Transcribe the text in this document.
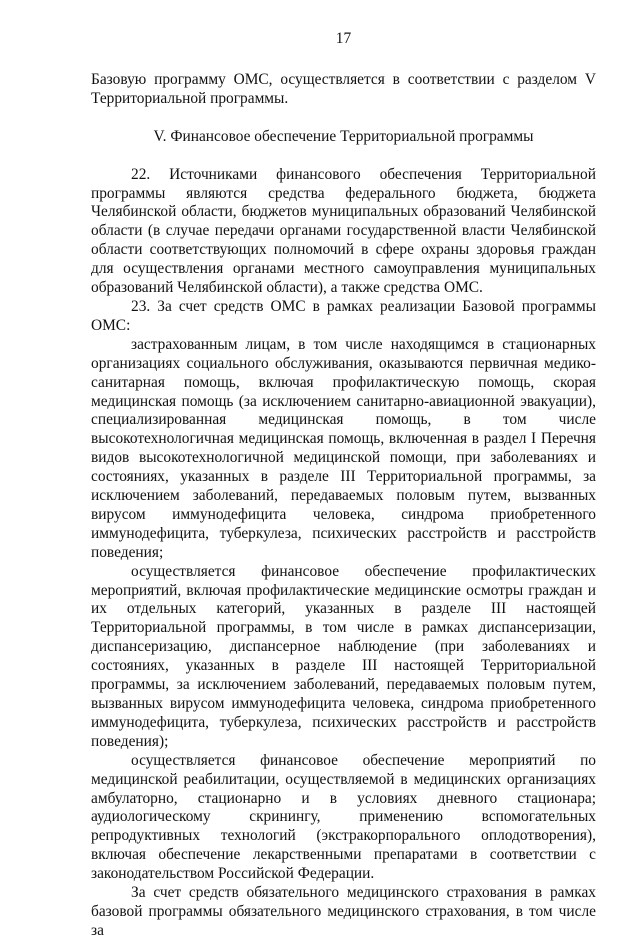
17

Базовую программу ОМС, осуществляется в соответствии с разделом V Территориальной программы.

V. Финансовое обеспечение Территориальной программы

22. Источниками финансового обеспечения Территориальной программы являются средства федерального бюджета, бюджета Челябинской области, бюджетов муниципальных образований Челябинской области (в случае передачи органами государственной власти Челябинской области соответствующих полномочий в сфере охраны здоровья граждан для осуществления органами местного самоуправления муниципальных образований Челябинской области), а также средства ОМС.

23. За счет средств ОМС в рамках реализации Базовой программы ОМС:

застрахованным лицам, в том числе находящимся в стационарных организациях социального обслуживания, оказываются первичная медико-санитарная помощь, включая профилактическую помощь, скорая медицинская помощь (за исключением санитарно-авиационной эвакуации), специализированная медицинская помощь, в том числе высокотехнологичная медицинская помощь, включенная в раздел I Перечня видов высокотехнологичной медицинской помощи, при заболеваниях и состояниях, указанных в разделе III Территориальной программы, за исключением заболеваний, передаваемых половым путем, вызванных вирусом иммунодефицита человека, синдрома приобретенного иммунодефицита, туберкулеза, психических расстройств и расстройств поведения;

осуществляется финансовое обеспечение профилактических мероприятий, включая профилактические медицинские осмотры граждан и их отдельных категорий, указанных в разделе III настоящей Территориальной программы, в том числе в рамках диспансеризации, диспансеризацию, диспансерное наблюдение (при заболеваниях и состояниях, указанных в разделе III настоящей Территориальной программы, за исключением заболеваний, передаваемых половым путем, вызванных вирусом иммунодефицита человека, синдрома приобретенного иммунодефицита, туберкулеза, психических расстройств и расстройств поведения);

осуществляется финансовое обеспечение мероприятий по медицинской реабилитации, осуществляемой в медицинских организациях амбулаторно, стационарно и в условиях дневного стационара; аудиологическому скринингу, применению вспомогательных репродуктивных технологий (экстракорпорального оплодотворения), включая обеспечение лекарственными препаратами в соответствии с законодательством Российской Федерации.

За счет средств обязательного медицинского страхования в рамках базовой программы обязательного медицинского страхования, в том числе за
